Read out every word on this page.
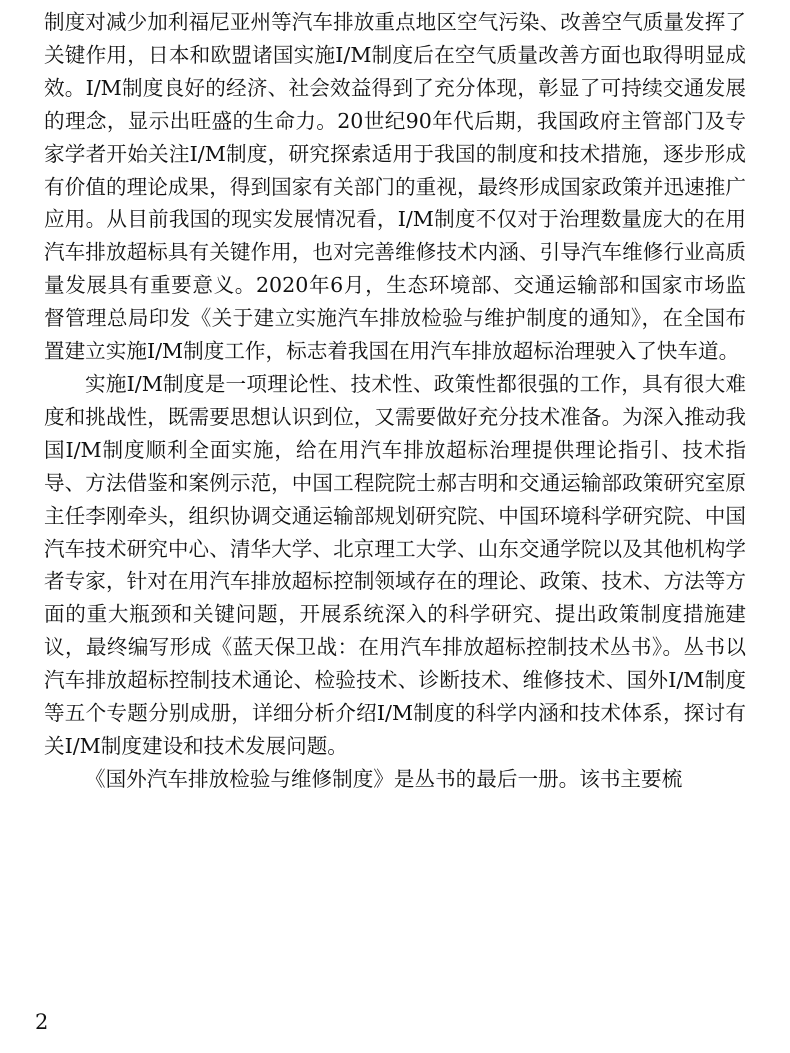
制度对减少加利福尼亚州等汽车排放重点地区空气污染、改善空气质量发挥了关键作用，日本和欧盟诸国实施I/M制度后在空气质量改善方面也取得明显成效。I/M制度良好的经济、社会效益得到了充分体现，彰显了可持续交通发展的理念，显示出旺盛的生命力。20世纪90年代后期，我国政府主管部门及专家学者开始关注I/M制度，研究探索适用于我国的制度和技术措施，逐步形成有价值的理论成果，得到国家有关部门的重视，最终形成国家政策并迅速推广应用。从目前我国的现实发展情况看，I/M制度不仅对于治理数量庞大的在用汽车排放超标具有关键作用，也对完善维修技术内涵、引导汽车维修行业高质量发展具有重要意义。2020年6月，生态环境部、交通运输部和国家市场监督管理总局印发《关于建立实施汽车排放检验与维护制度的通知》，在全国布置建立实施I/M制度工作，标志着我国在用汽车排放超标治理驶入了快车道。

实施I/M制度是一项理论性、技术性、政策性都很强的工作，具有很大难度和挑战性，既需要思想认识到位，又需要做好充分技术准备。为深入推动我国I/M制度顺利全面实施，给在用汽车排放超标治理提供理论指引、技术指导、方法借鉴和案例示范，中国工程院院士郝吉明和交通运输部政策研究室原主任李刚牵头，组织协调交通运输部规划研究院、中国环境科学研究院、中国汽车技术研究中心、清华大学、北京理工大学、山东交通学院以及其他机构学者专家，针对在用汽车排放超标控制领域存在的理论、政策、技术、方法等方面的重大瓶颈和关键问题，开展系统深入的科学研究、提出政策制度措施建议，最终编写形成《蓝天保卫战：在用汽车排放超标控制技术丛书》。丛书以汽车排放超标控制技术通论、检验技术、诊断技术、维修技术、国外I/M制度等五个专题分别成册，详细分析介绍I/M制度的科学内涵和技术体系，探讨有关I/M制度建设和技术发展问题。

《国外汽车排放检验与维修制度》是丛书的最后一册。该书主要梳

2
